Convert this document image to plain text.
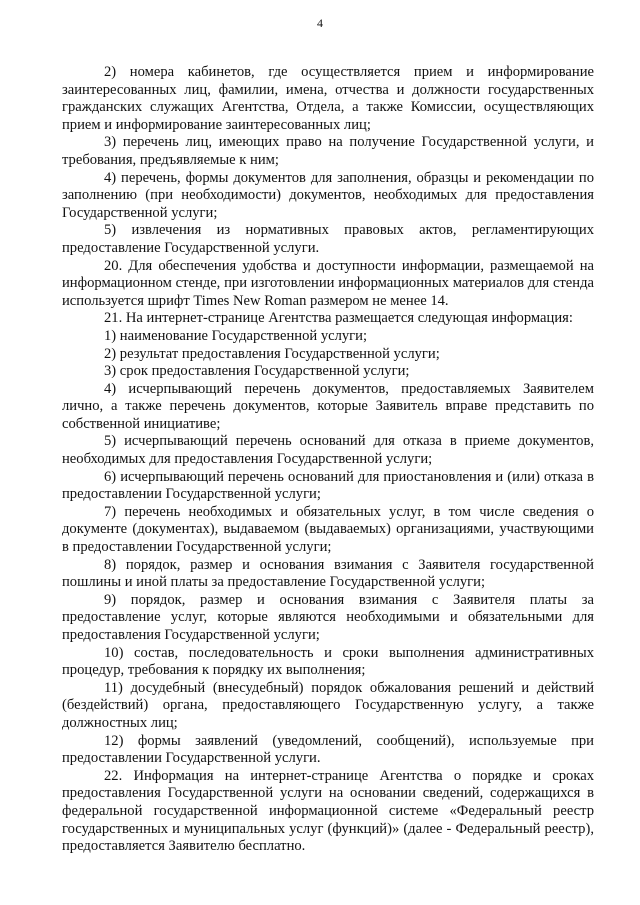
4

2) номера кабинетов, где осуществляется прием и информирование заинтересованных лиц, фамилии, имена, отчества и должности государственных гражданских служащих Агентства, Отдела, а также Комиссии, осуществляющих прием и информирование заинтересованных лиц;

3) перечень лиц, имеющих право на получение Государственной услуги, и требования, предъявляемые к ним;

4) перечень, формы документов для заполнения, образцы и рекомендации по заполнению (при необходимости) документов, необходимых для предоставления Государственной услуги;

5) извлечения из нормативных правовых актов, регламентирующих предоставление Государственной услуги.

20. Для обеспечения удобства и доступности информации, размещаемой на информационном стенде, при изготовлении информационных материалов для стенда используется шрифт Times New Roman размером не менее 14.

21. На интернет-странице Агентства размещается следующая информация:

1) наименование Государственной услуги;

2) результат предоставления Государственной услуги;

3) срок предоставления Государственной услуги;

4) исчерпывающий перечень документов, предоставляемых Заявителем лично, а также перечень документов, которые Заявитель вправе представить по собственной инициативе;

5) исчерпывающий перечень оснований для отказа в приеме документов, необходимых для предоставления Государственной услуги;

6) исчерпывающий перечень оснований для приостановления и (или) отказа в предоставлении Государственной услуги;

7) перечень необходимых и обязательных услуг, в том числе сведения о документе (документах), выдаваемом (выдаваемых) организациями, участвующими в предоставлении Государственной услуги;

8) порядок, размер и основания взимания с Заявителя государственной пошлины и иной платы за предоставление Государственной услуги;

9) порядок, размер и основания взимания с Заявителя платы за предоставление услуг, которые являются необходимыми и обязательными для предоставления Государственной услуги;

10) состав, последовательность и сроки выполнения административных процедур, требования к порядку их выполнения;

11) досудебный (внесудебный) порядок обжалования решений и действий (бездействий) органа, предоставляющего Государственную услугу, а также должностных лиц;

12) формы заявлений (уведомлений, сообщений), используемые при предоставлении Государственной услуги.

22. Информация на интернет-странице Агентства о порядке и сроках предоставления Государственной услуги на основании сведений, содержащихся в федеральной государственной информационной системе «Федеральный реестр государственных и муниципальных услуг (функций)» (далее - Федеральный реестр), предоставляется Заявителю бесплатно.
